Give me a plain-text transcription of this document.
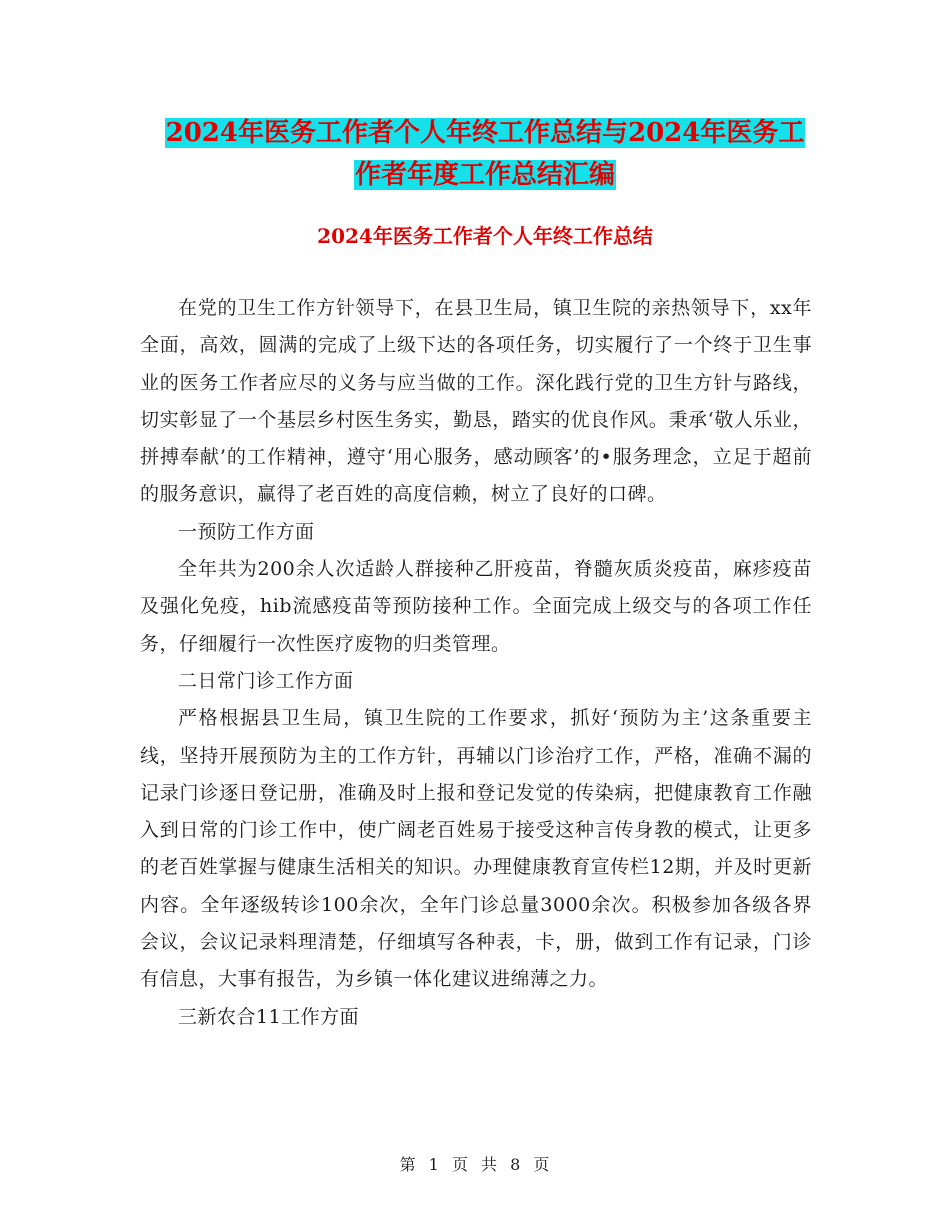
2024年医务工作者个人年终工作总结与2024年医务工
作者年度工作总结汇编
2024年医务工作者个人年终工作总结

在党的卫生工作方针领导下，在县卫生局，镇卫生院的亲热领导下，xx年全面，高效，圆满的完成了上级下达的各项任务，切实履行了一个终于卫生事业的医务工作者应尽的义务与应当做的工作。深化践行党的卫生方针与路线，切实彰显了一个基层乡村医生务实，勤恳，踏实的优良作风。秉承‘敬人乐业，拼搏奉献’的工作精神，遵守‘用心服务，感动顾客’的•服务理念，立足于超前的服务意识，赢得了老百姓的高度信赖，树立了良好的口碑。

一预防工作方面

全年共为200余人次适龄人群接种乙肝疫苗，脊髓灰质炎疫苗，麻疹疫苗及强化免疫，hib流感疫苗等预防接种工作。全面完成上级交与的各项工作任务，仔细履行一次性医疗废物的归类管理。

二日常门诊工作方面

严格根据县卫生局，镇卫生院的工作要求，抓好‘预防为主’这条重要主线，坚持开展预防为主的工作方针，再辅以门诊治疗工作，严格，准确不漏的记录门诊逐日登记册，准确及时上报和登记发觉的传染病，把健康教育工作融入到日常的门诊工作中，使广阔老百姓易于接受这种言传身教的模式，让更多的老百姓掌握与健康生活相关的知识。办理健康教育宣传栏12期，并及时更新内容。全年逐级转诊100余次，全年门诊总量3000余次。积极参加各级各界会议，会议记录料理清楚，仔细填写各种表，卡，册，做到工作有记录，门诊有信息，大事有报告，为乡镇一体化建议进绵薄之力。

三新农合11工作方面

第 1 页 共 8 页
